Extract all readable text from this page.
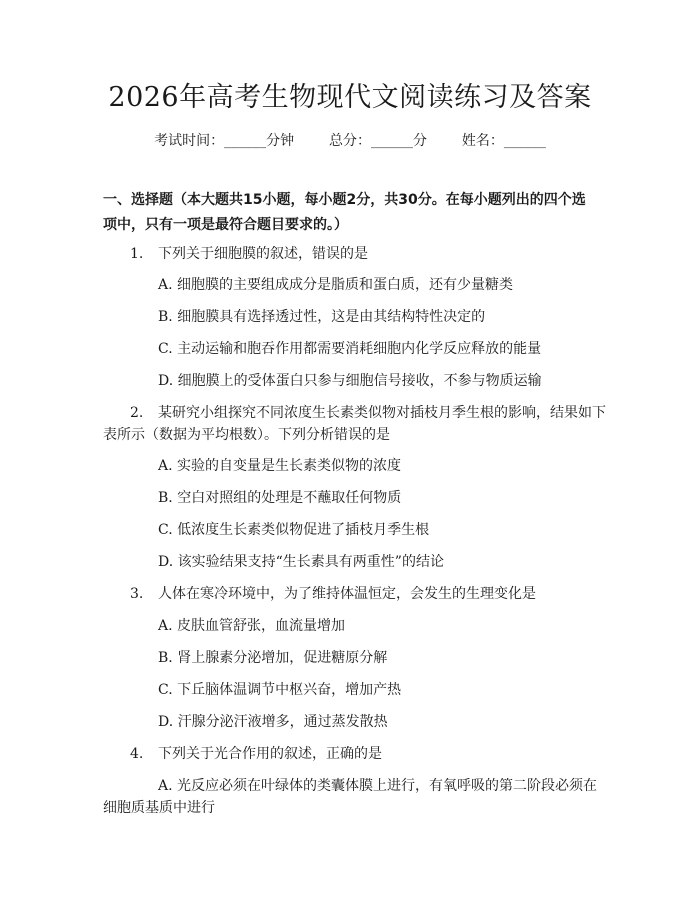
2026年高考生物现代文阅读练习及答案
考试时间：______分钟 总分：______分 姓名：______
一、选择题（本大题共15小题，每小题2分，共30分。在每小题列出的四个选
项中，只有一项是最符合题目要求的。）
1. 下列关于细胞膜的叙述，错误的是
A. 细胞膜的主要组成成分是脂质和蛋白质，还有少量糖类
B. 细胞膜具有选择透过性，这是由其结构特性决定的
C. 主动运输和胞吞作用都需要消耗细胞内化学反应释放的能量
D. 细胞膜上的受体蛋白只参与细胞信号接收，不参与物质运输
2. 某研究小组探究不同浓度生长素类似物对插枝月季生根的影响，结果如下
表所示（数据为平均根数）。下列分析错误的是
A. 实验的自变量是生长素类似物的浓度
B. 空白对照组的处理是不蘸取任何物质
C. 低浓度生长素类似物促进了插枝月季生根
D. 该实验结果支持“生长素具有两重性”的结论
3. 人体在寒冷环境中，为了维持体温恒定，会发生的生理变化是
A. 皮肤血管舒张，血流量增加
B. 肾上腺素分泌增加，促进糖原分解
C. 下丘脑体温调节中枢兴奋，增加产热
D. 汗腺分泌汗液增多，通过蒸发散热
4. 下列关于光合作用的叙述，正确的是
A. 光反应必须在叶绿体的类囊体膜上进行，有氧呼吸的第二阶段必须在
细胞质基质中进行
